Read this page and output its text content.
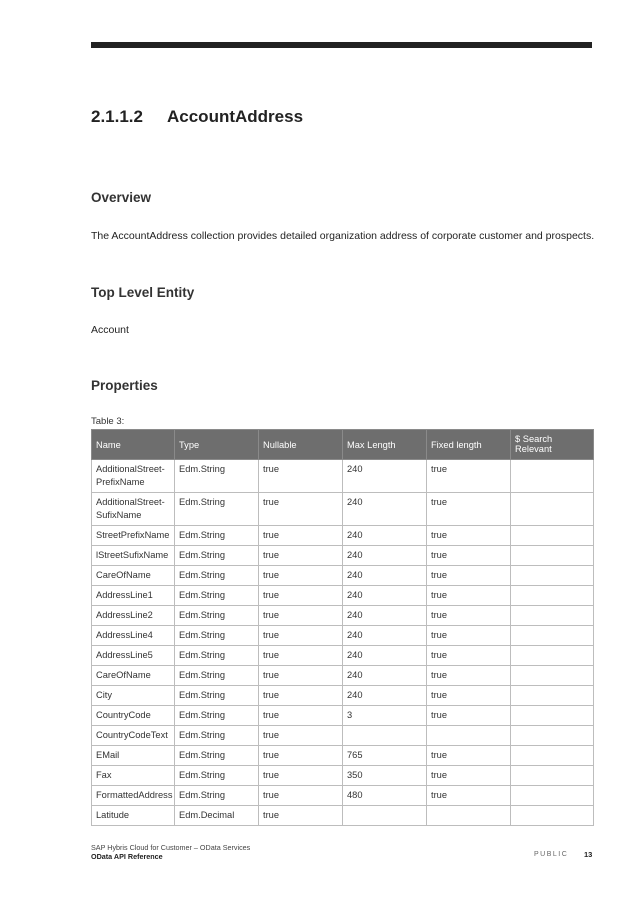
2.1.1.2 AccountAddress
Overview
The AccountAddress collection provides detailed organization address of corporate customer and prospects.
Top Level Entity
Account
Properties
Table 3:
Name	Type	Nullable	Max Length	Fixed length	$ Search Relevant
AdditionalStreet-PrefixName	Edm.String	true	240	true	
AdditionalStreet-SufixName	Edm.String	true	240	true	
StreetPrefixName	Edm.String	true	240	true	
lStreetSufixName	Edm.String	true	240	true	
CareOfName	Edm.String	true	240	true	
AddressLine1	Edm.String	true	240	true	
AddressLine2	Edm.String	true	240	true	
AddressLine4	Edm.String	true	240	true	
AddressLine5	Edm.String	true	240	true	
CareOfName	Edm.String	true	240	true	
City	Edm.String	true	240	true	
CountryCode	Edm.String	true	3	true	
CountryCodeText	Edm.String	true			
EMail	Edm.String	true	765	true	
Fax	Edm.String	true	350	true	
FormattedAddress	Edm.String	true	480	true	
Latitude	Edm.Decimal	true			
SAP Hybris Cloud for Customer – OData Services
OData API Reference	PUBLIC 13
